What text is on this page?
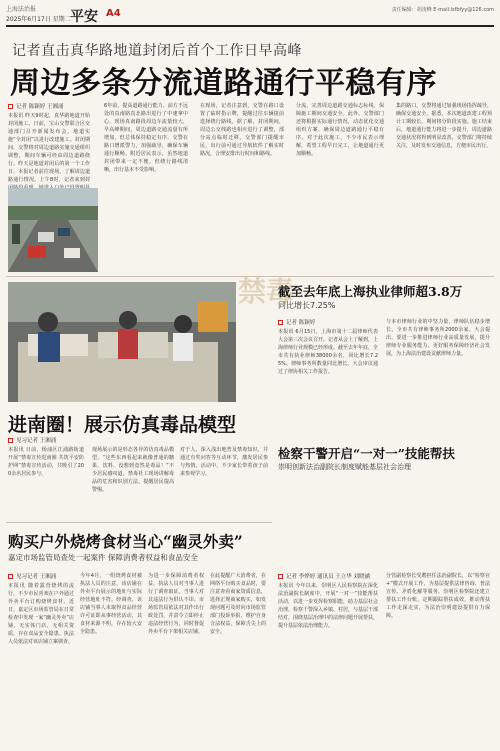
上海法治报
2025年6月17日 星期二 平安 A4	责任编辑：胡凌峰 E-mail:lsfbfyy@126.com
记者直击真华路地道封闭后首个工作日早高峰
周边多条分流道路通行平稳有序
记者 陈颖婷 王湘涌
本报讯 昨天9时起，真华路地道开始封闭施工。日前，宝山交警联合区交通部门召开新闻发布会，地道实施“全封闭”以进行改建施工。封闭期间，交警将对周边道路实施交通组织调整，期间车辆可经由周边道路绕行。昨天是地道封闭后的第一个工作日，本报记者前往现场，了解周边道路通行情况。上午8时，记者来到封
6年前，提高道路通行能力。前方不远处的真南路真北路出进行了中速拿中心，现场真南路段周边车流量较大，早高峰期间，周边道路交通流量有所增加，但总体保持稳定有序。交警在路口增派警力，加强疏导，确保车辆通行顺畅。附近居民表示，虽然地道封闭带来一定不便，但绕行路线清晰，出行基本不受影响。
在现场，记者注意到，交警在路口设置了临时指示牌，提醒过往车辆提前选择绕行路线。据了解，封闭期间，周边公交线路也相应进行了调整，部分站点临时迁移。交警部门提醒市民，出行前可通过导航软件了解实时路况，合理安排出行时间和路线。
分流，完善周边道路交通标志标线，保障施工期间交通安全。此外，交警部门还将根据实际通行情况，动态优化交通组织方案，确保周边道路通行平稳有序。对于此次施工，不少市民表示理解，希望工程早日完工，让地道通行更加顺畅。
集的路口，交警将通过加强现场指挥疏导，确保交通安全。据悉，本次地道改建工程预计工期较长，期间将分阶段实施。施工结束后，地道通行能力将进一步提升，周边道路交通状况将得到明显改善。交警部门将持续关注，及时发布交通信息，方便市民出行。
禁毒
进南圈！展示仿真毒品模型
见习记者 王湘涌
本报讯 日前，杨浦区江浦路街道开展“禁毒宣传进南圈 共筑平安防护网”禁毒宣传活动，共吸引了200余名居民参与。
现场展示的是形态各异的仿真毒品模型，“这些东西看起来就像普通的糖果、饮料，没想到竟然是毒品！”不少居民感叹道。禁毒社工现场讲解毒品的危害和识别方法，提醒居民提高警惕。
对于人，深入浅出地普及禁毒知识，并通过有奖问答等互动环节，激发居民参与热情。活动中，不少家长带着孩子前来参观学习。
截至去年底上海执业律师超3.8万
同比增长7.25%
记者 陈颖婷
本报讯 6月15日，上海市第十二届律师代表大会第三次会议召开。记者从会上了解到，上海律师行业规模已经形成。截至去年年底，全市共有执业律师38000余名，同比增长7.25%。律师事务所数量同比增长。大会审议通过了律协相关工作报告。
与本市律师行业的中坚力量，律师队伍稳步增长，全市共有律师事务所2000余家。大会提出，要进一步推进律师行业高质量发展，提升律师专业服务能力，更好服务保障经济社会发展，为上海法治建设贡献律师力量。
检察干警开启“一对一”技能帮扶
崇明创新法治副院长制度赋能基层社会治理
购买户外烧烤食材当心“幽灵外卖”
嘉定市场监管局查处一起案件 保障消费者权益和食品安全
见习记者 王湘涌
本报讯 随着露营烧烤的流行，不少市民喜欢在户外通过外卖平台订购烧烤食材。近日，嘉定区市场监管局在日常检查中发现一家“幽灵外卖”店铺，无实体门店，无相关资质，存在食品安全隐患。执法人员依法对该店铺立案调查。
今年4月，一组烧烤食材被执法人员的注意，该店铺在外卖平台展示的地址与实际经营地址不符。经调查，该店铺当事人未取得食品经营许可证即从事经营活动，其食材来源不明，存在较大安全隐患。
为进一步保障消费者权益，执法人员对当事人进行了调查取证。当事人对其违法行为供认不讳。市场监管局依法对其作出行政处罚，并责令立即停止违法经营行为，同时督促外卖平台下架相关店铺。
在此提醒广大消费者，在网络平台购买食品时，要注意查看商家资质信息，选择正规商家购买，如发现问题可及时向市场监管部门投诉举报，维护自身合法权益，保障舌尖上的安全。
记者 李烨婷 通讯员 王立华 刘晓涵
本报讯 今年以来，崇明区人民检察院在深化法治副院长制度中，开展“一对一”技能帮扶活动，以进一步发挥检察职能，助力基层社会治理。检察干警深入乡镇、村居，与基层干部结对，围绕基层治理中的法律问题开展帮扶，提升基层依法治理能力。
分管副检察长受聘担任法治副院长，以“检察官+”模式开展工作，为基层提供法律咨询、普法宣传、矛盾化解等服务。崇明区检察院还建立帮扶工作台账，定期跟踪帮扶成效，推动帮扶工作走深走实，为法治崇明建设提供有力保障。
